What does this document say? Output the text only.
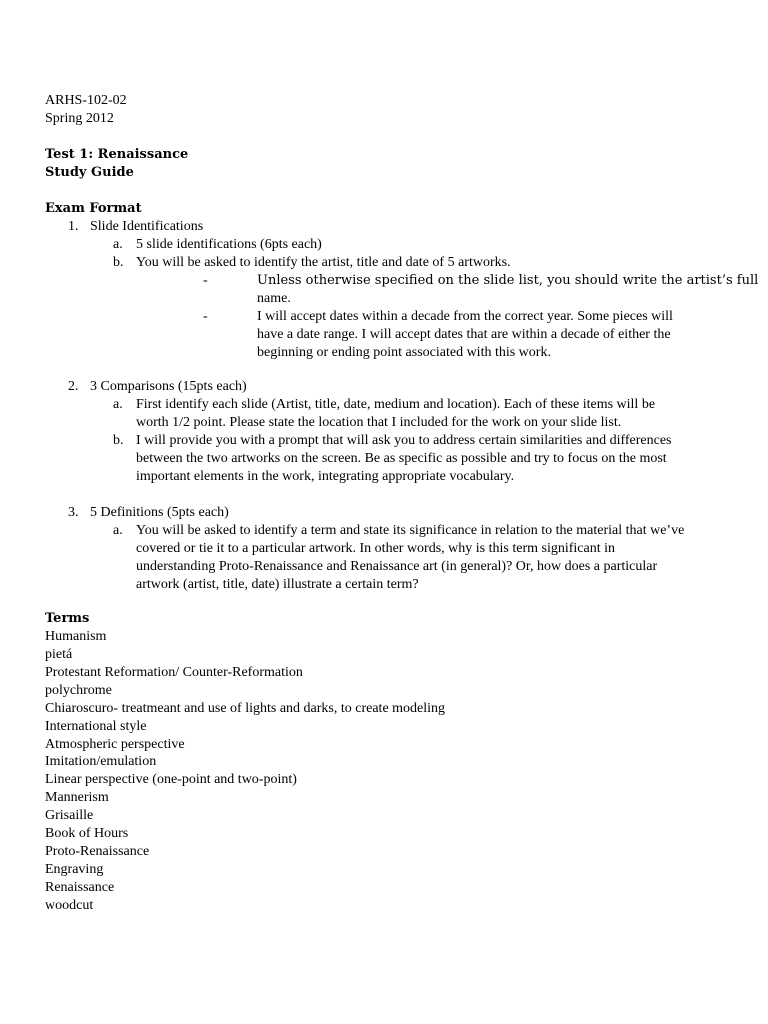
ARHS-102-02
Spring 2012
Test 1: Renaissance
Study Guide
Exam Format
1. Slide Identifications
a. 5 slide identifications (6pts each)
b. You will be asked to identify the artist, title and date of 5 artworks.
-	Unless otherwise specified on the slide list, you should write the artist’s full
name.
-	I will accept dates within a decade from the correct year. Some pieces will
have a date range. I will accept dates that are within a decade of either the
beginning or ending point associated with this work.
2. 3 Comparisons (15pts each)
a. First identify each slide (Artist, title, date, medium and location). Each of these items will be
worth 1/2 point. Please state the location that I included for the work on your slide list.
b. I will provide you with a prompt that will ask you to address certain similarities and differences
between the two artworks on the screen. Be as specific as possible and try to focus on the most
important elements in the work, integrating appropriate vocabulary.
3. 5 Definitions (5pts each)
a. You will be asked to identify a term and state its significance in relation to the material that we’ve
covered or tie it to a particular artwork. In other words, why is this term significant in
understanding Proto-Renaissance and Renaissance art (in general)? Or, how does a particular
artwork (artist, title, date) illustrate a certain term?
Terms
Humanism
pietá
Protestant Reformation/ Counter-Reformation
polychrome
Chiaroscuro- treatmeant and use of lights and darks, to create modeling
International style
Atmospheric perspective
Imitation/emulation
Linear perspective (one-point and two-point)
Mannerism
Grisaille
Book of Hours
Proto-Renaissance
Engraving
Renaissance
woodcut
